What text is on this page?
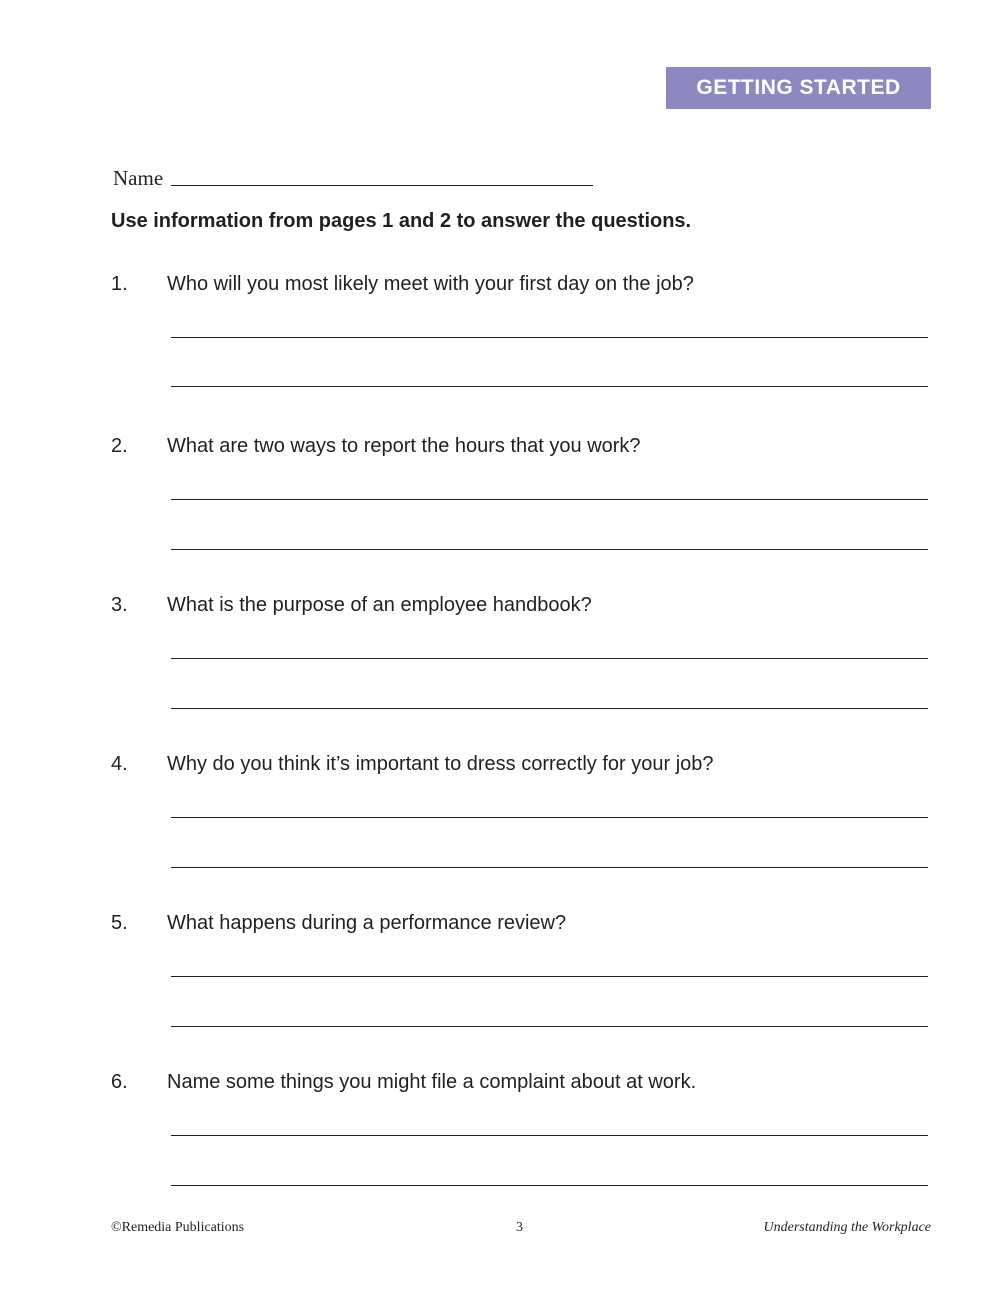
GETTING STARTED
Name
Use information from pages 1 and 2 to answer the questions.
1.	Who will you most likely meet with your first day on the job?
2.	What are two ways to report the hours that you work?
3.	What is the purpose of an employee handbook?
4.	Why do you think it’s important to dress correctly for your job?
5.	What happens during a performance review?
6.	Name some things you might file a complaint about at work.
©Remedia Publications	3	Understanding the Workplace
